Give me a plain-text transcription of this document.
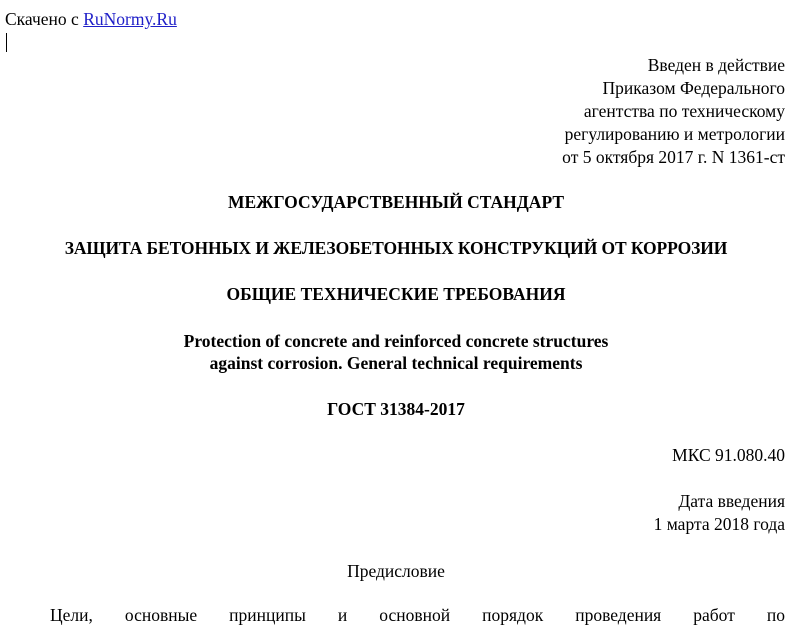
Скачено с RuNormy.Ru
Введен в действие
Приказом Федерального
агентства по техническому
регулированию и метрологии
от 5 октября 2017 г. N 1361-ст
МЕЖГОСУДАРСТВЕННЫЙ СТАНДАРТ
ЗАЩИТА БЕТОННЫХ И ЖЕЛЕЗОБЕТОННЫХ КОНСТРУКЦИЙ ОТ КОРРОЗИИ
ОБЩИЕ ТЕХНИЧЕСКИЕ ТРЕБОВАНИЯ
Protection of concrete and reinforced concrete structures
against corrosion. General technical requirements
ГОСТ 31384-2017
МКС 91.080.40
Дата введения
1 марта 2018 года
Предисловие
Цели, основные принципы и основной порядок проведения работ по
